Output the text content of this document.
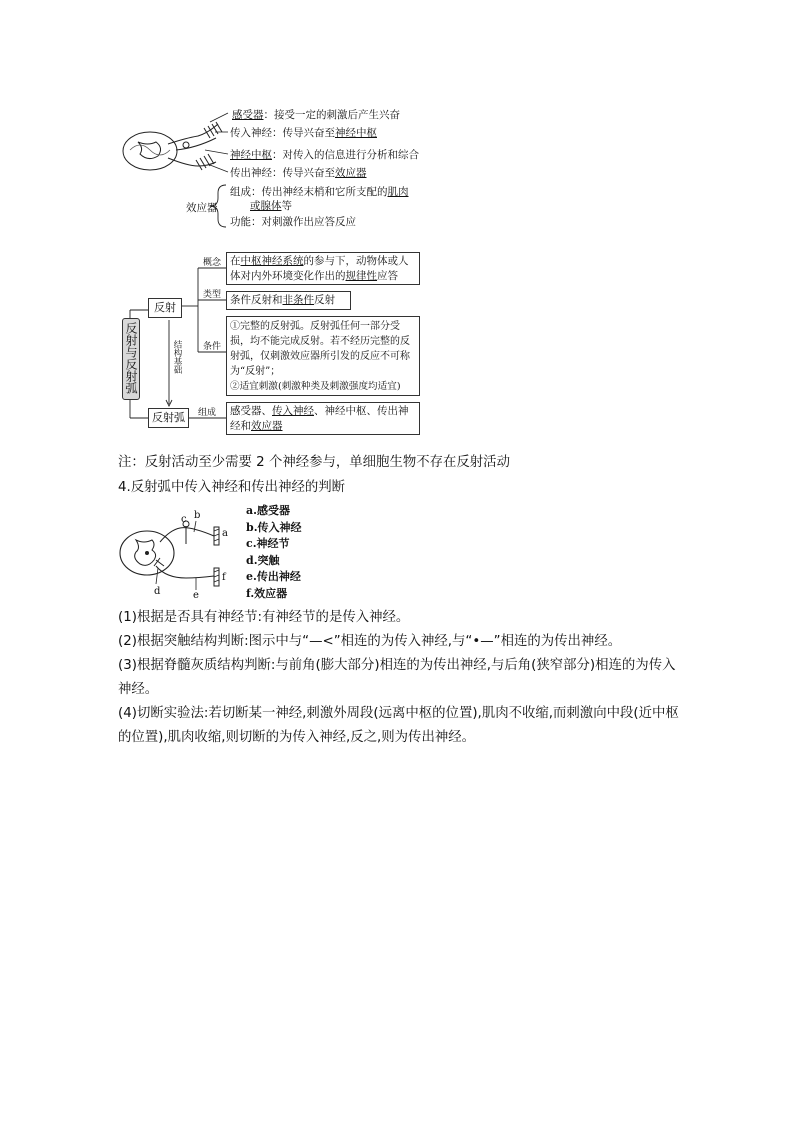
感受器：接受一定的刺激后产生兴奋
传入神经：传导兴奋至神经中枢
神经中枢：对传入的信息进行分析和综合
传出神经：传导兴奋至效应器
效应器
组成：传出神经末梢和它所支配的肌肉
或腺体等
功能：对刺激作出应答反应
反射与反射弧
反射
反射弧
结构基础
概念
类型
条件
组成
在中枢神经系统的参与下，动物体或人体对内外环境变化作出的规律性应答
条件反射和非条件反射
①完整的反射弧。反射弧任何一部分受损，均不能完成反射。若不经历完整的反射弧，仅刺激效应器所引发的反应不可称为“反射”；
②适宜刺激(刺激种类及刺激强度均适宜)
感受器、传入神经、神经中枢、传出神经和效应器
注：反射活动至少需要 2 个神经参与，单细胞生物不存在反射活动
4.反射弧中传入神经和传出神经的判断
c b
a
d	e
f
a.感受器
b.传入神经
c.神经节
d.突触
e.传出神经
f.效应器
(1)根据是否具有神经节:有神经节的是传入神经。
(2)根据突触结构判断:图示中与“—<”相连的为传入神经,与“•—”相连的为传出神经。
(3)根据脊髓灰质结构判断:与前角(膨大部分)相连的为传出神经,与后角(狭窄部分)相连的为传入神经。
(4)切断实验法:若切断某一神经,刺激外周段(远离中枢的位置),肌肉不收缩,而刺激向中段(近中枢的位置),肌肉收缩,则切断的为传入神经,反之,则为传出神经。
